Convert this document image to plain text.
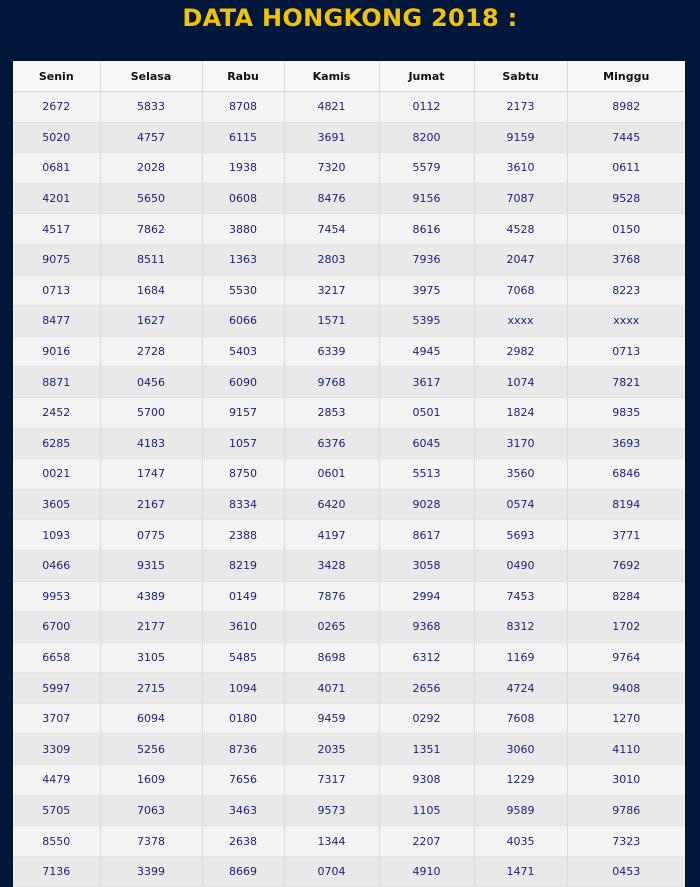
DATA HONGKONG 2018 :
Senin	Selasa	Rabu	Kamis	Jumat	Sabtu	Minggu
2672	5833	8708	4821	0112	2173	8982
5020	4757	6115	3691	8200	9159	7445
0681	2028	1938	7320	5579	3610	0611
4201	5650	0608	8476	9156	7087	9528
4517	7862	3880	7454	8616	4528	0150
9075	8511	1363	2803	7936	2047	3768
0713	1684	5530	3217	3975	7068	8223
8477	1627	6066	1571	5395	xxxx	xxxx
9016	2728	5403	6339	4945	2982	0713
8871	0456	6090	9768	3617	1074	7821
2452	5700	9157	2853	0501	1824	9835
6285	4183	1057	6376	6045	3170	3693
0021	1747	8750	0601	5513	3560	6846
3605	2167	8334	6420	9028	0574	8194
1093	0775	2388	4197	8617	5693	3771
0466	9315	8219	3428	3058	0490	7692
9953	4389	0149	7876	2994	7453	8284
6700	2177	3610	0265	9368	8312	1702
6658	3105	5485	8698	6312	1169	9764
5997	2715	1094	4071	2656	4724	9408
3707	6094	0180	9459	0292	7608	1270
3309	5256	8736	2035	1351	3060	4110
4479	1609	7656	7317	9308	1229	3010
5705	7063	3463	9573	1105	9589	9786
8550	7378	2638	1344	2207	4035	7323
7136	3399	8669	0704	4910	1471	0453
